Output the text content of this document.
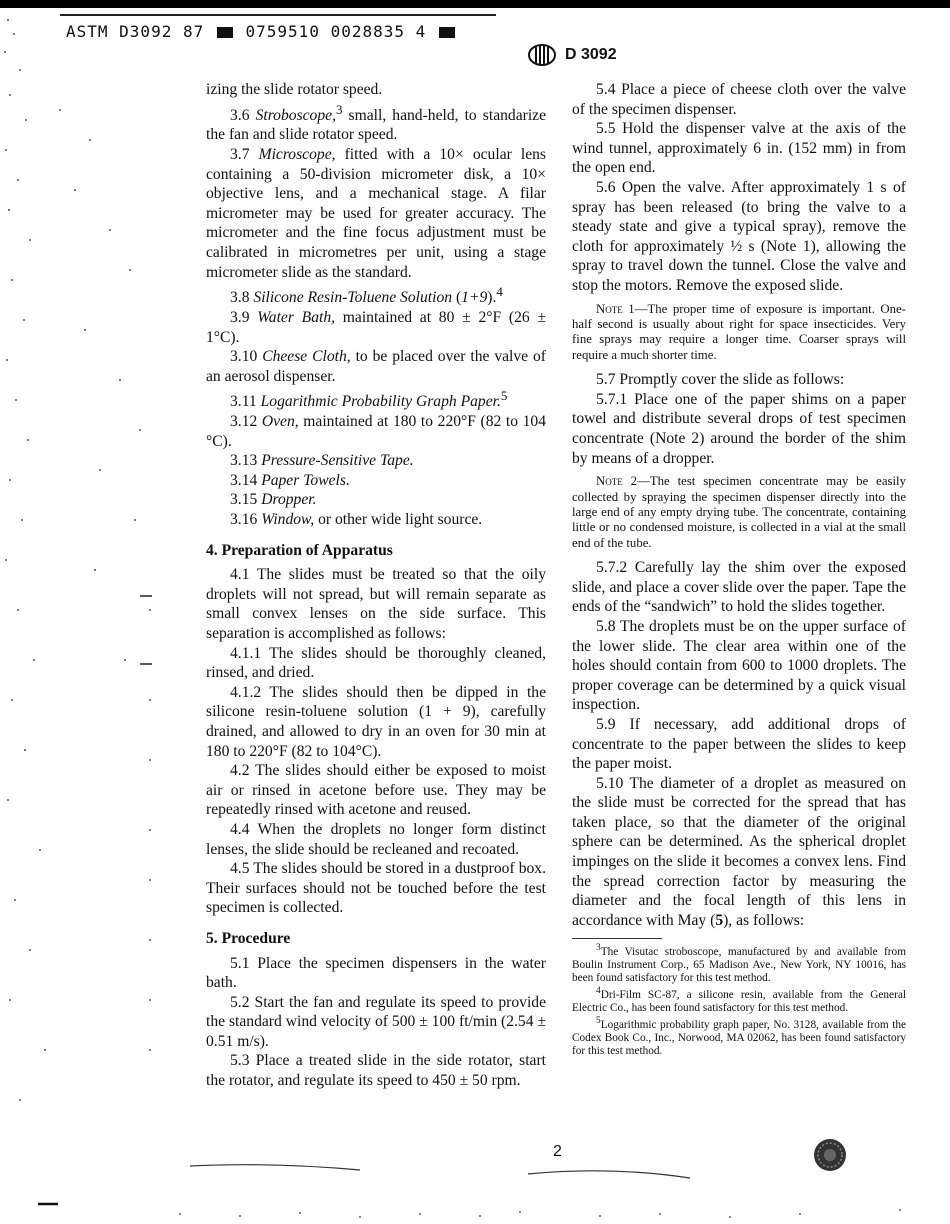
ASTM D3092 87	0759510 0028835 4
D 3092

izing the slide rotator speed.

3.6 Stroboscope,$^3$ small, hand-held, to standarize the fan and slide rotator speed.

3.7 Microscope, fitted with a 10× ocular lens containing a 50-division micrometer disk, a 10× objective lens, and a mechanical stage. A filar micrometer may be used for greater accuracy. The micrometer and the fine focus adjustment must be calibrated in micrometres per unit, using a stage micrometer slide as the standard.

3.8 Silicone Resin-Toluene Solution (1+9).$^4$

3.9 Water Bath, maintained at 80 ± 2°F (26 ± 1°C).

3.10 Cheese Cloth, to be placed over the valve of an aerosol dispenser.

3.11 Logarithmic Probability Graph Paper.$^5$

3.12 Oven, maintained at 180 to 220°F (82 to 104 °C).

3.13 Pressure-Sensitive Tape.

3.14 Paper Towels.

3.15 Dropper.

3.16 Window, or other wide light source.

4. Preparation of Apparatus

4.1 The slides must be treated so that the oily droplets will not spread, but will remain separate as small convex lenses on the side surface. This separation is accomplished as follows:

4.1.1 The slides should be thoroughly cleaned, rinsed, and dried.

4.1.2 The slides should then be dipped in the silicone resin-toluene solution (1 + 9), carefully drained, and allowed to dry in an oven for 30 min at 180 to 220°F (82 to 104°C).

4.2 The slides should either be exposed to moist air or rinsed in acetone before use. They may be repeatedly rinsed with acetone and reused.

4.4 When the droplets no longer form distinct lenses, the slide should be recleaned and recoated.

4.5 The slides should be stored in a dustproof box. Their surfaces should not be touched before the test specimen is collected.

5. Procedure

5.1 Place the specimen dispensers in the water bath.

5.2 Start the fan and regulate its speed to provide the standard wind velocity of 500 ± 100 ft/min (2.54 ± 0.51 m/s).

5.3 Place a treated slide in the side rotator, start the rotator, and regulate its speed to 450 ± 50 rpm.

5.4 Place a piece of cheese cloth over the valve of the specimen dispenser.

5.5 Hold the dispenser valve at the axis of the wind tunnel, approximately 6 in. (152 mm) in from the open end.

5.6 Open the valve. After approximately 1 s of spray has been released (to bring the valve to a steady state and give a typical spray), remove the cloth for approximately ½ s (Note 1), allowing the spray to travel down the tunnel. Close the valve and stop the motors. Remove the exposed slide.

Note 1—The proper time of exposure is important. One-half second is usually about right for space insecticides. Very fine sprays may require a longer time. Coarser sprays will require a much shorter time.

5.7 Promptly cover the slide as follows:

5.7.1 Place one of the paper shims on a paper towel and distribute several drops of test specimen concentrate (Note 2) around the border of the shim by means of a dropper.

Note 2—The test specimen concentrate may be easily collected by spraying the specimen dispenser directly into the large end of any empty drying tube. The concentrate, containing little or no condensed moisture, is collected in a vial at the small end of the tube.

5.7.2 Carefully lay the shim over the exposed slide, and place a cover slide over the paper. Tape the ends of the “sandwich” to hold the slides together.

5.8 The droplets must be on the upper surface of the lower slide. The clear area within one of the holes should contain from 600 to 1000 droplets. The proper coverage can be determined by a quick visual inspection.

5.9 If necessary, add additional drops of concentrate to the paper between the slides to keep the paper moist.

5.10 The diameter of a droplet as measured on the slide must be corrected for the spread that has taken place, so that the diameter of the original sphere can be determined. As the spherical droplet impinges on the slide it becomes a convex lens. Find the spread correction factor by measuring the diameter and the focal length of this lens in accordance with May (5), as follows:

$^3$The Visutac stroboscope, manufactured by and available from Boulin Instrument Corp., 65 Madison Ave., New York, NY 10016, has been found satisfactory for this test method.

$^4$Dri-Film SC-87, a silicone resin, available from the General Electric Co., has been found satisfactory for this test method.

$^5$Logarithmic probability graph paper, No. 3128, available from the Codex Book Co., Inc., Norwood, MA 02062, has been found satisfactory for this test method.

2
